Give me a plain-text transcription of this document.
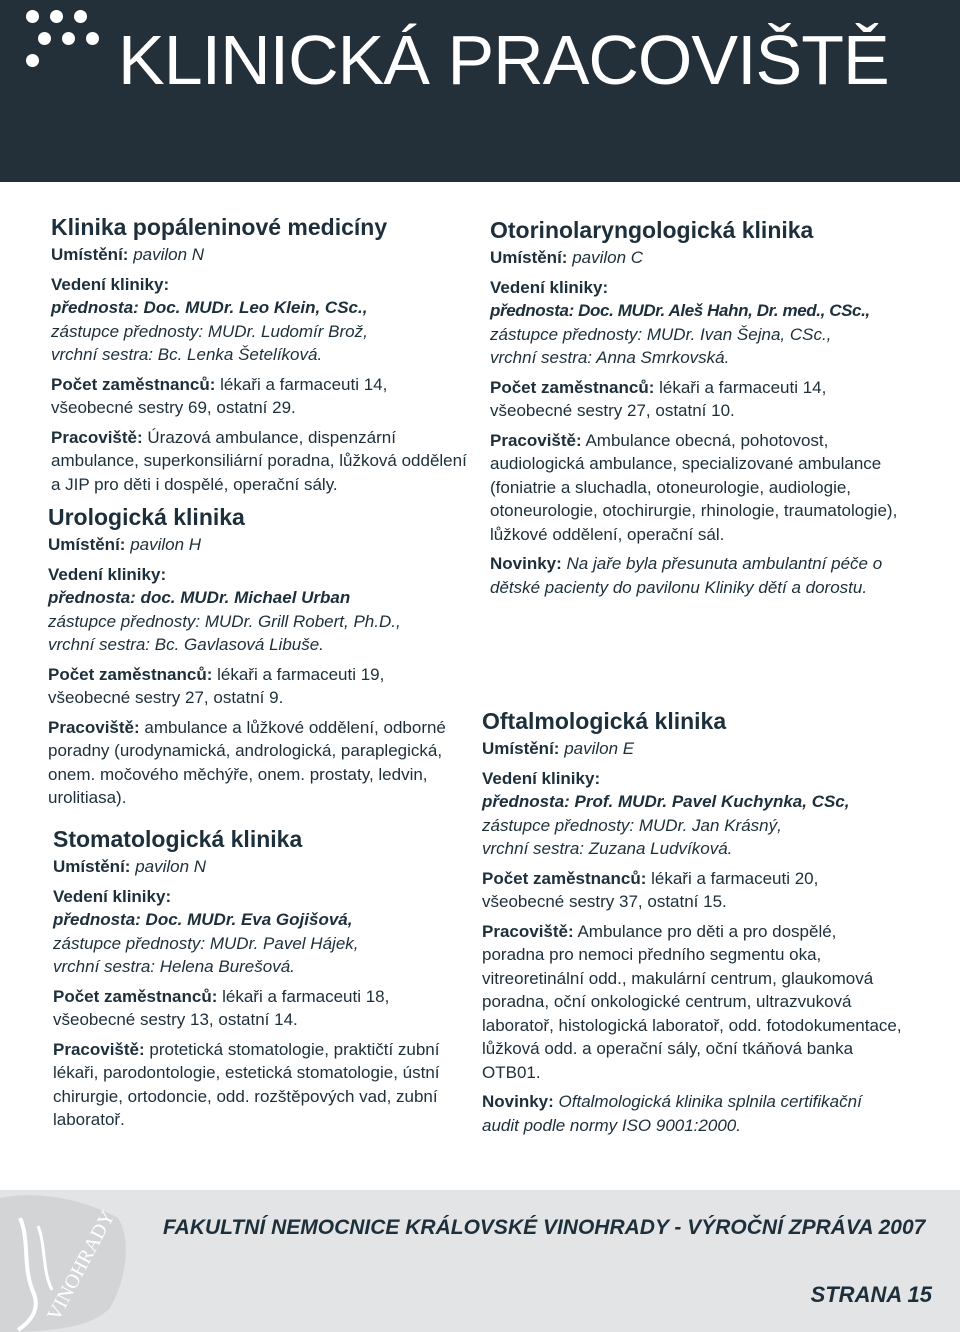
KLINICKÁ PRACOVIŠTĚ
Klinika popáleninové medicíny

Umístění: pavilon N

Vedení kliniky:
přednosta: Doc. MUDr. Leo Klein, CSc.,
zástupce přednosty: MUDr. Ludomír Brož,
vrchní sestra: Bc. Lenka Šetelíková.

Počet zaměstnanců: lékaři a farmaceuti 14, všeobecné sestry 69, ostatní 29.

Pracoviště: Úrazová ambulance, dispenzární ambulance, superkonsiliární poradna, lůžková oddělení a JIP pro děti i dospělé, operační sály.

Urologická klinika

Umístění: pavilon H

Vedení kliniky:
přednosta: doc. MUDr. Michael Urban
zástupce přednosty: MUDr. Grill Robert, Ph.D.,
vrchní sestra: Bc. Gavlasová Libuše.

Počet zaměstnanců: lékaři a farmaceuti 19, všeobecné sestry 27, ostatní 9.

Pracoviště: ambulance a lůžkové oddělení, odborné poradny (urodynamická, andrologická, paraplegická, onem. močového měchýře, onem. prostaty, ledvin, urolitiasa).

Stomatologická klinika

Umístění: pavilon N

Vedení kliniky:
přednosta: Doc. MUDr. Eva Gojišová,
zástupce přednosty: MUDr. Pavel Hájek,
vrchní sestra: Helena Burešová.

Počet zaměstnanců: lékaři a farmaceuti 18, všeobecné sestry 13, ostatní 14.

Pracoviště: protetická stomatologie, praktičtí zubní lékaři, parodontologie, estetická stomatologie, ústní chirurgie, ortodoncie, odd. rozštěpových vad, zubní laboratoř.

Otorinolaryngologická klinika

Umístění: pavilon C

Vedení kliniky:
přednosta: Doc. MUDr. Aleš Hahn, Dr. med., CSc.,
zástupce přednosty: MUDr. Ivan Šejna, CSc.,
vrchní sestra: Anna Smrkovská.

Počet zaměstnanců: lékaři a farmaceuti 14, všeobecné sestry 27, ostatní 10.

Pracoviště: Ambulance obecná, pohotovost, audiologická ambulance, specializované ambulance (foniatrie a sluchadla, otoneurologie, audiologie, otoneurologie, otochirurgie, rhinologie, traumatologie), lůžkové oddělení, operační sál.

Novinky: Na jaře byla přesunuta ambulantní péče o dětské pacienty do pavilonu Kliniky dětí a dorostu.

Oftalmologická klinika

Umístění: pavilon E

Vedení kliniky:
přednosta: Prof. MUDr. Pavel Kuchynka, CSc,
zástupce přednosty: MUDr. Jan Krásný,
vrchní sestra: Zuzana Ludvíková.

Počet zaměstnanců: lékaři a farmaceuti 20, všeobecné sestry 37, ostatní 15.

Pracoviště: Ambulance pro děti a pro dospělé, poradna pro nemoci předního segmentu oka, vitreoretinální odd., makulární centrum, glaukomová poradna, oční onkologické centrum, ultrazvuková laboratoř, histologická laboratoř, odd. fotodokumentace, lůžková odd. a operační sály, oční tkáňová banka OTB01.

Novinky: Oftalmologická klinika splnila certifikační audit podle normy ISO 9001:2000.

VINOHRADY FAKULTNÍ NEMOCNICE KRÁLOVSKÉ VINOHRADY - VÝROČNÍ ZPRÁVA 2007
STRANA 15
